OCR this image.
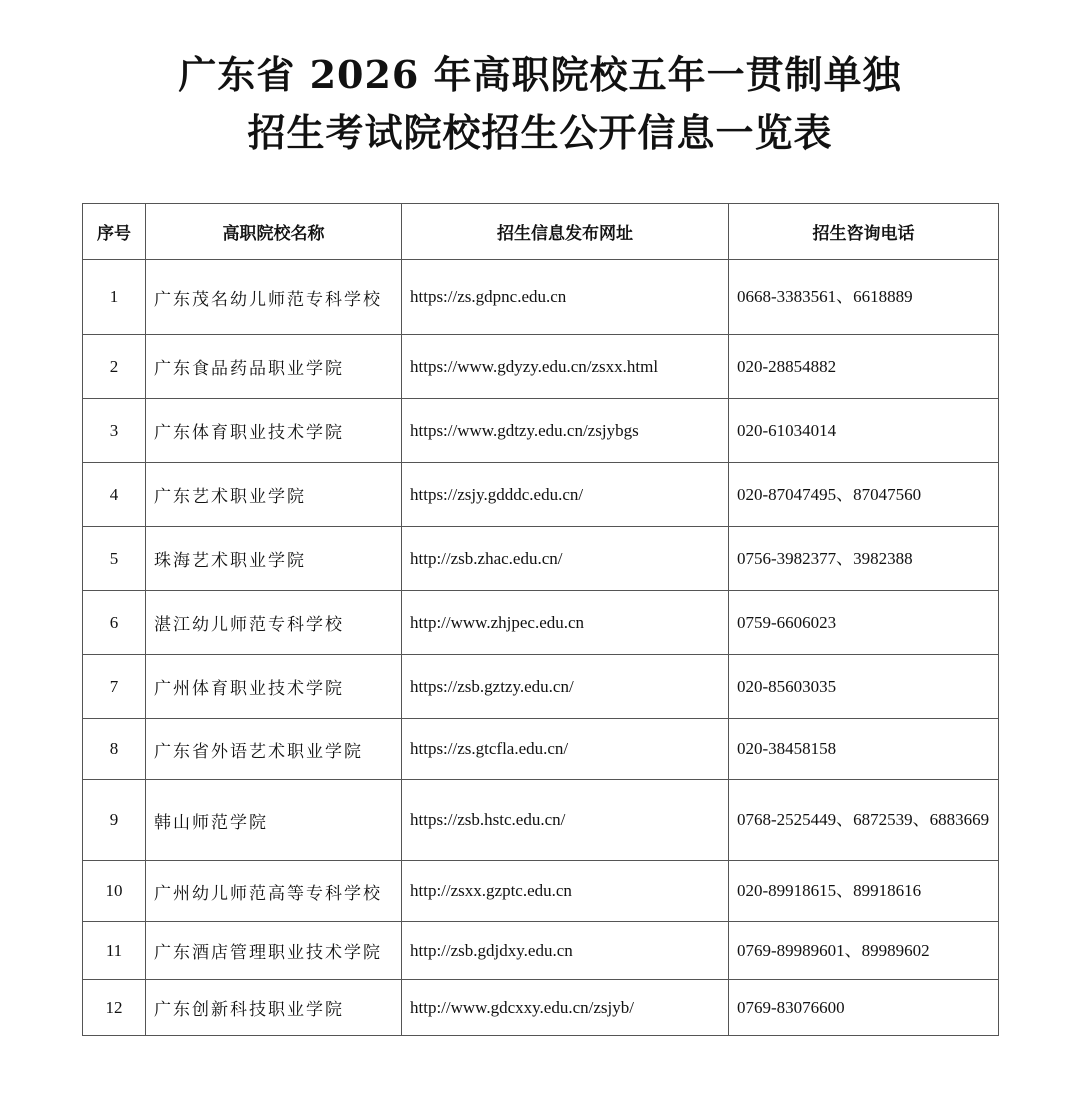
广东省 2026 年高职院校五年一贯制单独
招生考试院校招生公开信息一览表
序号	高职院校名称	招生信息发布网址	招生咨询电话
1	广东茂名幼儿师范专科学校	https://zs.gdpnc.edu.cn	0668-3383561、6618889
2	广东食品药品职业学院	https://www.gdyzy.edu.cn/zsxx.html	020-28854882
3	广东体育职业技术学院	https://www.gdtzy.edu.cn/zsjybgs	020-61034014
4	广东艺术职业学院	https://zsjy.gdddc.edu.cn/	020-87047495、87047560
5	珠海艺术职业学院	http://zsb.zhac.edu.cn/	0756-3982377、3982388
6	湛江幼儿师范专科学校	http://www.zhjpec.edu.cn	0759-6606023
7	广州体育职业技术学院	https://zsb.gztzy.edu.cn/	020-85603035
8	广东省外语艺术职业学院	https://zs.gtcfla.edu.cn/	020-38458158
9	韩山师范学院	https://zsb.hstc.edu.cn/	0768-2525449、6872539、6883669
10	广州幼儿师范高等专科学校	http://zsxx.gzptc.edu.cn	020-89918615、89918616
11	广东酒店管理职业技术学院	http://zsb.gdjdxy.edu.cn	0769-89989601、89989602
12	广东创新科技职业学院	http://www.gdcxxy.edu.cn/zsjyb/	0769-83076600
